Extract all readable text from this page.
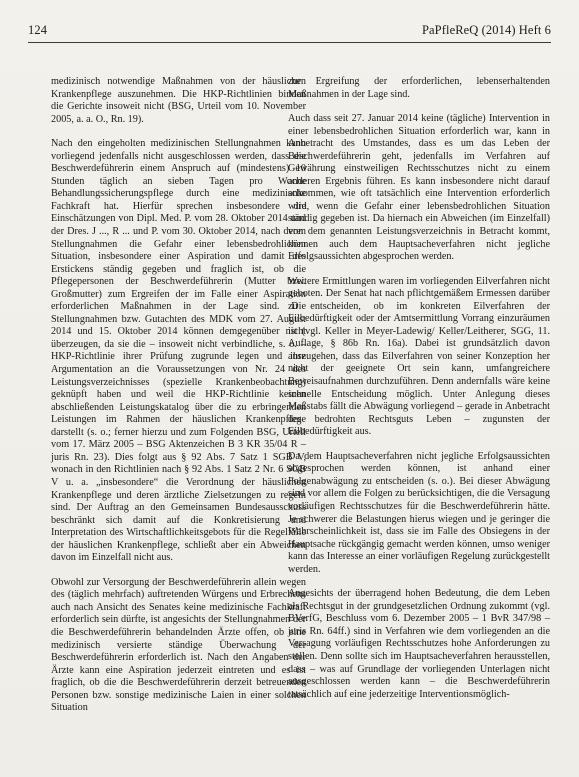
124	PaPfleReQ (2014) Heft 6

medizinisch notwendige Maßnahmen von der häuslichen Krankenpflege auszunehmen. Die HKP-Richtlinien binden die Gerichte insoweit nicht (BSG, Urteil vom 10. November 2005, a. a. O., Rn. 19).

Nach den eingeholten medizinischen Stellungnahmen kann vorliegend jedenfalls nicht ausgeschlossen werden, dass die Beschwerdeführerin einem Anspruch auf (mindestens) 10 Stunden täglich an sieben Tagen pro Woche Behandlungssicherungspflege durch eine medizinische Fachkraft hat. Hierfür sprechen insbesondere die Einschätzungen von Dipl. Med. P. vom 28. Oktober 2014 und der Dres. J ..., R ... und P. vom 30. Oktober 2014, nach deren Stellungnahmen die Gefahr einer lebensbedrohlichen Situation, insbesondere einer Aspiration und damit des Erstickens ständig gegeben und fraglich ist, ob die Pflegepersonen der Beschwerdeführerin (Mutter bzw. Großmutter) zum Ergreifen der im Falle einer Aspiration erforderlichen Maßnahmen in der Lage sind. Die Stellungnahmen bzw. Gutachten des MDK vom 27. August 2014 und 15. Oktober 2014 können demgegenüber nicht überzeugen, da sie die – insoweit nicht verbindliche, s. o. – HKP-Richtlinie ihrer Prüfung zugrunde legen und ihre Argumentation an die Voraussetzungen von Nr. 24 des Leistungsverzeichnisses (spezielle Krankenbeobachtung) geknüpft haben und weil die HKP-Richtlinie keinen abschließenden Leistungskatalog über die zu erbringenden Leistungen im Rahmen der häuslichen Krankenpflege darstellt (s. o.; ferner hierzu und zum Folgenden BSG, Urteil vom 17. März 2005 – BSG Aktenzeichen B 3 KR 35/04 R – juris Rn. 23). Dies folgt aus § 92 Abs. 7 Satz 1 SGB V, wonach in den Richtlinien nach § 92 Abs. 1 Satz 2 Nr. 6 SGB V u. a. „insbesondere“ die Verordnung der häuslichen Krankenpflege und deren ärztliche Zielsetzungen zu regeln sind. Der Auftrag an den Gemeinsamen Bundesausschuss beschränkt sich damit auf die Konkretisierung und Interpretation des Wirtschaftlichkeitsgebots für die Regelfälle der häuslichen Krankenpflege, schließt aber ein Abweichen davon im Einzelfall nicht aus.

Obwohl zur Versorgung der Beschwerdeführerin allein wegen des (täglich mehrfach) auftretenden Würgens und Erbrechens auch nach Ansicht des Senates keine medizinische Fachkraft erforderlich sein dürfte, ist angesichts der Stellungnahmen der die Beschwerdeführerin behandelnden Ärzte offen, ob eine medizinisch versierte ständige Überwachung der Beschwerdeführerin erforderlich ist. Nach den Angaben der Ärzte kann eine Aspiration jederzeit eintreten und es ist fraglich, ob die die Beschwerdeführerin derzeit betreuenden Personen bzw. sonstige medizinische Laien in einer solchen Situation

zur Ergreifung der erforderlichen, lebenserhaltenden Maßnahmen in der Lage sind.

Auch dass seit 27. Januar 2014 keine (tägliche) Intervention in einer lebensbedrohlichen Situation erforderlich war, kann in Anbetracht des Umstandes, dass es um das Leben der Beschwerdeführerin geht, jedenfalls im Verfahren auf Gewährung einstweiligen Rechtsschutzes nicht zu einem anderen Ergebnis führen. Es kann insbesondere nicht darauf ankommen, wie oft tatsächlich eine Intervention erforderlich wird, wenn die Gefahr einer lebensbedrohlichen Situation ständig gegeben ist. Da hiernach ein Abweichen (im Einzelfall) von dem genannten Leistungsverzeichnis in Betracht kommt, können auch dem Hauptsacheverfahren nicht jegliche Erfolgsaussichten abgesprochen werden.

Weitere Ermittlungen waren im vorliegenden Eilverfahren nicht geboten. Der Senat hat nach pflichtgemäßem Ermessen darüber zu entscheiden, ob im konkreten Eilverfahren der Eilbedürftigkeit oder der Amtsermittlung Vorrang einzuräumen ist (vgl. Keller in Meyer-Ladewig/ Keller/Leitherer, SGG, 11. Auflage, § 86b Rn. 16a). Dabei ist grundsätzlich davon auszugehen, dass das Eilverfahren von seiner Konzeption her nicht der geeignete Ort sein kann, umfangreichere Beweisaufnahmen durchzuführen. Denn andernfalls wäre keine schnelle Entscheidung möglich. Unter Anlegung dieses Maßstabs fällt die Abwägung vorliegend – gerade in Anbetracht des bedrohten Rechtsguts Leben – zugunsten der Eilbedürftigkeit aus.

Da dem Hauptsacheverfahren nicht jegliche Erfolgsaussichten abgesprochen werden können, ist anhand einer Folgenabwägung zu entscheiden (s. o.). Bei dieser Abwägung sind vor allem die Folgen zu berücksichtigen, die die Versagung vorläufigen Rechtsschutzes für die Beschwerdeführerin hätte. Je schwerer die Belastungen hierus wiegen und je geringer die Wahrscheinlichkeit ist, dass sie im Falle des Obsiegens in der Hauptsache rückgängig gemacht werden können, umso weniger kann das Interesse an einer vorläufigen Regelung zurückgestellt werden.

Angesichts der überragend hohen Bedeutung, die dem Leben als Rechtsgut in der grundgesetzlichen Ordnung zukommt (vgl. BVerfG, Beschluss vom 6. Dezember 2005 – 1 BvR 347/98 – juris Rn. 64ff.) sind in Verfahren wie dem vorliegenden an die Versagung vorläufigen Rechtsschutzes hohe Anforderungen zu stellen. Denn sollte sich im Hauptsacheverfahren herausstellen, dass – was auf Grundlage der vorliegenden Unterlagen nicht ausgeschlossen werden kann – die Beschwerdeführerin tatsächlich auf eine jederzeitige Interventionsmöglich-
